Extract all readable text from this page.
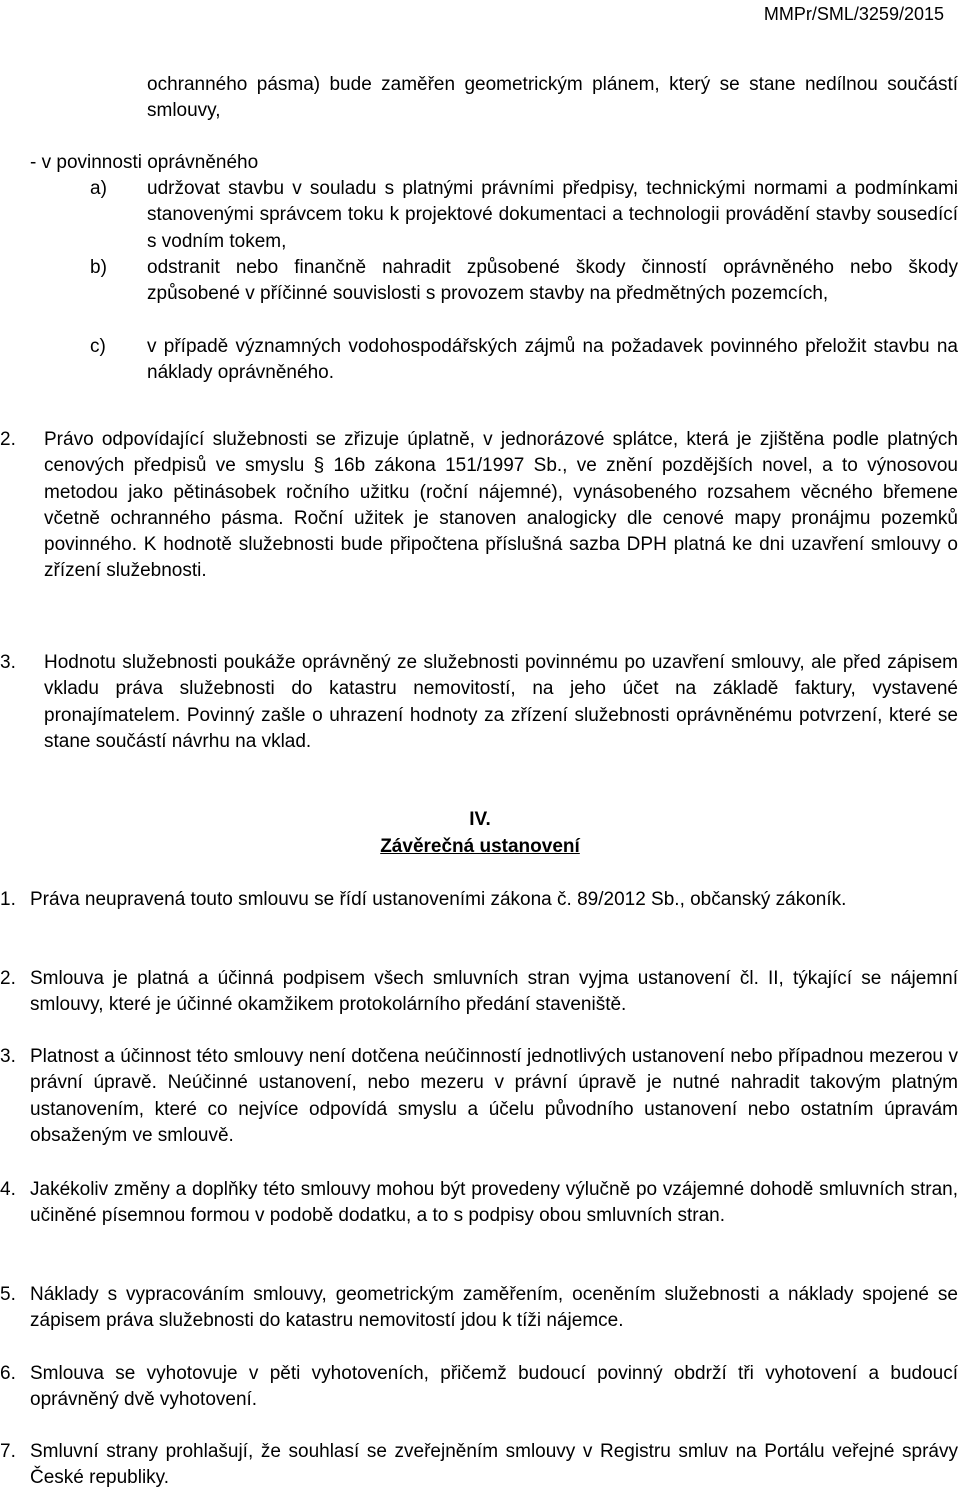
MMPr/SML/3259/2015
ochranného pásma) bude zaměřen geometrickým plánem, který se stane nedílnou součástí smlouvy,
- v povinnosti oprávněného
a) udržovat stavbu v souladu s platnými právními předpisy, technickými normami a podmínkami stanovenými správcem toku k projektové dokumentaci a technologii provádění stavby sousedící s vodním tokem,
b) odstranit nebo finančně nahradit způsobené škody činností oprávněného nebo škody způsobené v příčinné souvislosti s provozem stavby na předmětných pozemcích,
c) v případě významných vodohospodářských zájmů na požadavek povinného přeložit stavbu na náklady oprávněného.
2. Právo odpovídající služebnosti se zřizuje úplatně, v jednorázové splátce, která je zjištěna podle platných cenových předpisů ve smyslu § 16b zákona 151/1997 Sb., ve znění pozdějších novel, a to výnosovou metodou jako pětinásobek ročního užitku (roční nájemné), vynásobeného rozsahem věcného břemene včetně ochranného pásma. Roční užitek je stanoven analogicky dle cenové mapy pronájmu pozemků povinného. K hodnotě služebnosti bude připočtena příslušná sazba DPH platná ke dni uzavření smlouvy o zřízení služebnosti.
3. Hodnotu služebnosti poukáže oprávněný ze služebnosti povinnému po uzavření smlouvy, ale před zápisem vkladu práva služebnosti do katastru nemovitostí, na jeho účet na základě faktury, vystavené pronajímatelem. Povinný zašle o uhrazení hodnoty za zřízení služebnosti oprávněnému potvrzení, které se stane součástí návrhu na vklad.
IV.
Závěrečná ustanovení
1. Práva neupravená touto smlouvu se řídí ustanoveními zákona č. 89/2012 Sb., občanský zákoník.
2. Smlouva je platná a účinná podpisem všech smluvních stran vyjma ustanovení čl. II, týkající se nájemní smlouvy, které je účinné okamžikem protokolárního předání staveniště.
3. Platnost a účinnost této smlouvy není dotčena neúčinností jednotlivých ustanovení nebo případnou mezerou v právní úpravě. Neúčinné ustanovení, nebo mezeru v právní úpravě je nutné nahradit takovým platným ustanovením, které co nejvíce odpovídá smyslu a účelu původního ustanovení nebo ostatním úpravám obsaženým ve smlouvě.
4. Jakékoliv změny a doplňky této smlouvy mohou být provedeny výlučně po vzájemné dohodě smluvních stran, učiněné písemnou formou v podobě dodatku, a to s podpisy obou smluvních stran.
5. Náklady s vypracováním smlouvy, geometrickým zaměřením, oceněním služebnosti a náklady spojené se zápisem práva služebnosti do katastru nemovitostí jdou k tíži nájemce.
6. Smlouva se vyhotovuje v pěti vyhotoveních, přičemž budoucí povinný obdrží tři vyhotovení a budoucí oprávněný dvě vyhotovení.
7. Smluvní strany prohlašují, že souhlasí se zveřejněním smlouvy v Registru smluv na Portálu veřejné správy České republiky.
